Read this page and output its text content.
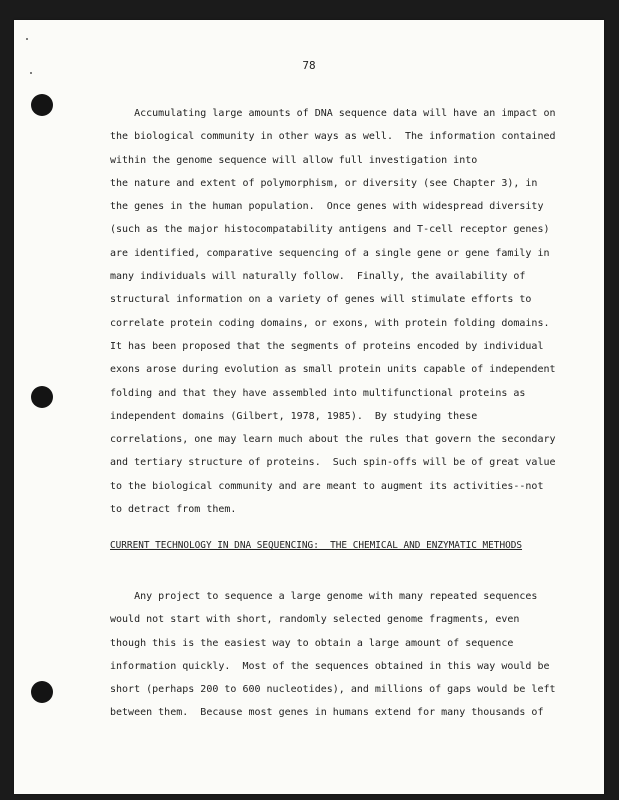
78
Accumulating large amounts of DNA sequence data will have an impact on
the biological community in other ways as well.  The information contained
within the genome sequence will allow full investigation into
the nature and extent of polymorphism, or diversity (see Chapter 3), in
the genes in the human population.  Once genes with widespread diversity
(such as the major histocompatability antigens and T-cell receptor genes)
are identified, comparative sequencing of a single gene or gene family in
many individuals will naturally follow.  Finally, the availability of
structural information on a variety of genes will stimulate efforts to
correlate protein coding domains, or exons, with protein folding domains.
It has been proposed that the segments of proteins encoded by individual
exons arose during evolution as small protein units capable of independent
folding and that they have assembled into multifunctional proteins as
independent domains (Gilbert, 1978, 1985).  By studying these
correlations, one may learn much about the rules that govern the secondary
and tertiary structure of proteins.  Such spin-offs will be of great value
to the biological community and are meant to augment its activities--not
to detract from them.
CURRENT TECHNOLOGY IN DNA SEQUENCING:  THE CHEMICAL AND ENZYMATIC METHODS
Any project to sequence a large genome with many repeated sequences
would not start with short, randomly selected genome fragments, even
though this is the easiest way to obtain a large amount of sequence
information quickly.  Most of the sequences obtained in this way would be
short (perhaps 200 to 600 nucleotides), and millions of gaps would be left
between them.  Because most genes in humans extend for many thousands of
